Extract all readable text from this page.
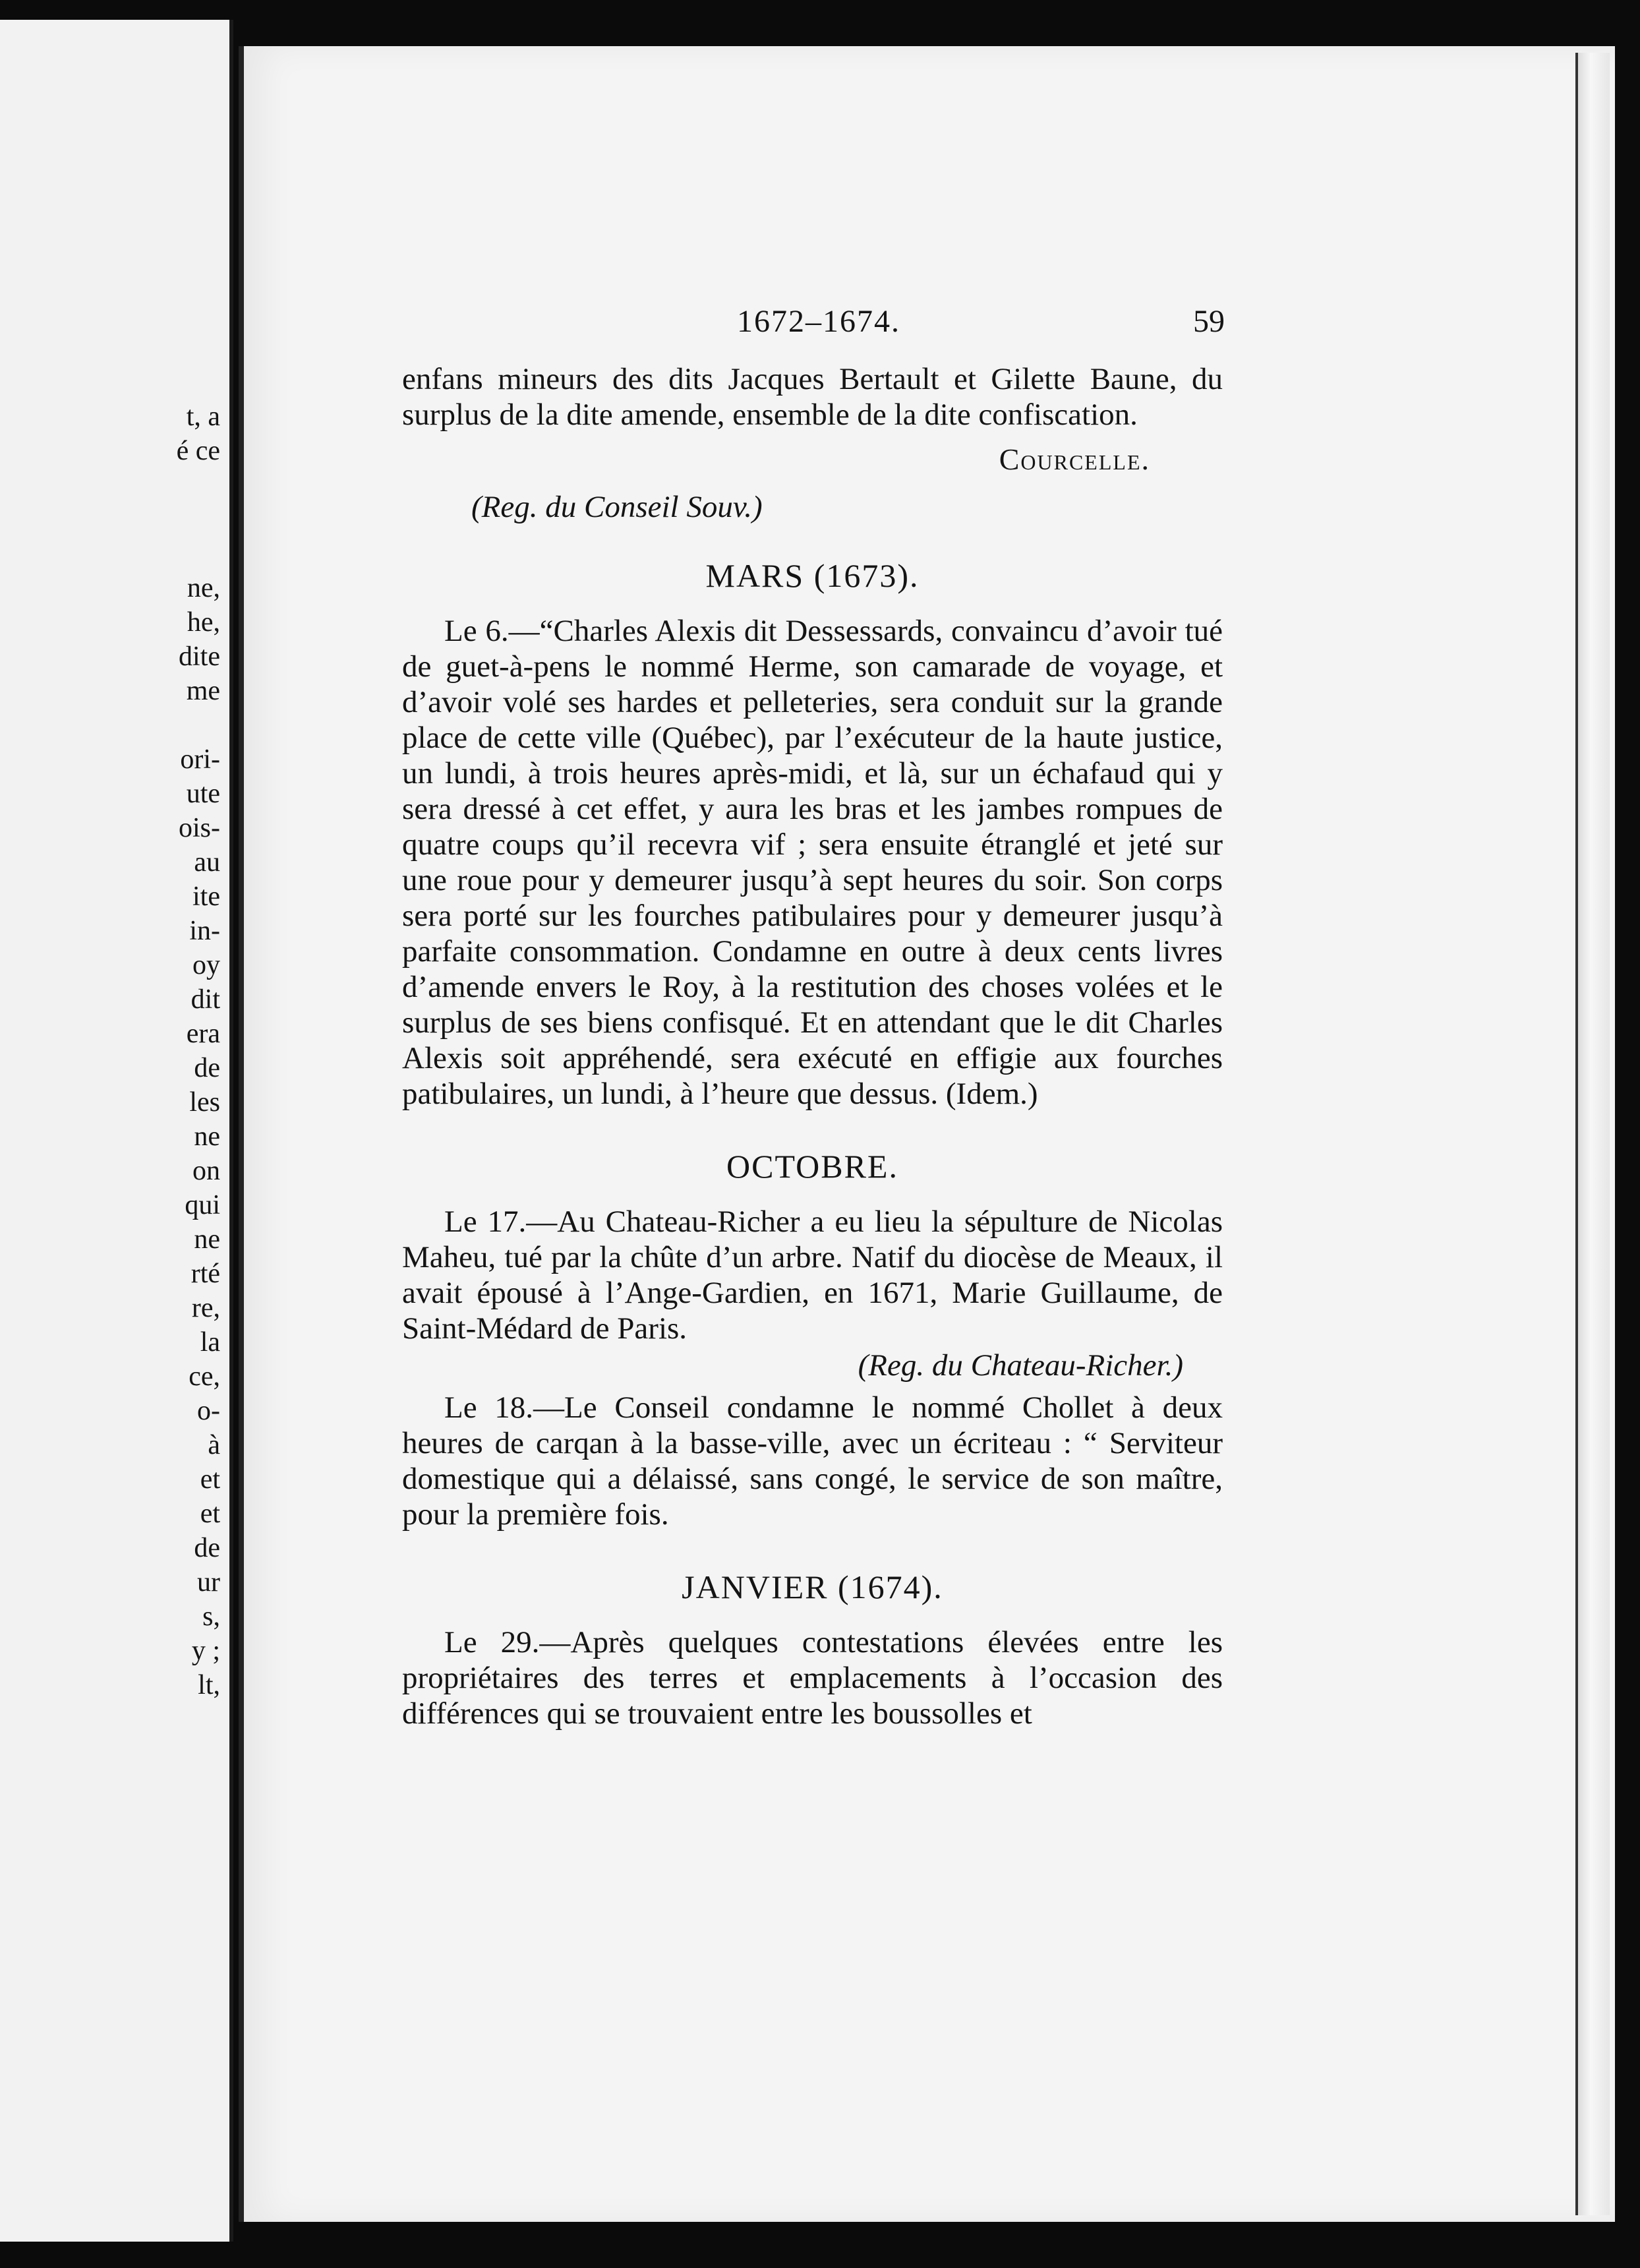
t, a
é ce
ne,
he,
dite
me
ori-
ute
ois-
au
ite
in-
oy
dit
era
de
les
ne
on
qui
ne
rté
re,
la
ce,
o-
à
et
et
de
ur
s,
y ;
lt,
1672–1674.	59

enfans mineurs des dits Jacques Bertault et Gilette Baune, du surplus de la dite amende, ensemble de la dite confiscation.

Courcelle.
(Reg. du Conseil Souv.)
MARS (1673).

Le 6.—“Charles Alexis dit Dessessards, convaincu d’avoir tué de guet-à-pens le nommé Herme, son camarade de voyage, et d’avoir volé ses hardes et pelleteries, sera conduit sur la grande place de cette ville (Québec), par l’exécuteur de la haute justice, un lundi, à trois heures après-midi, et là, sur un échafaud qui y sera dressé à cet effet, y aura les bras et les jambes rompues de quatre coups qu’il recevra vif ; sera ensuite étranglé et jeté sur une roue pour y demeurer jusqu’à sept heures du soir. Son corps sera porté sur les fourches patibulaires pour y demeurer jusqu’à parfaite consommation. Condamne en outre à deux cents livres d’amende envers le Roy, à la restitution des choses volées et le surplus de ses biens confisqué. Et en attendant que le dit Charles Alexis soit appréhendé, sera exécuté en effigie aux fourches patibulaires, un lundi, à l’heure que dessus. (Idem.)

OCTOBRE.

Le 17.—Au Chateau-Richer a eu lieu la sépulture de Nicolas Maheu, tué par la chûte d’un arbre. Natif du diocèse de Meaux, il avait épousé à l’Ange-Gardien, en 1671, Marie Guillaume, de Saint-Médard de Paris.

(Reg. du Chateau-Richer.)

Le 18.—Le Conseil condamne le nommé Chollet à deux heures de carqan à la basse-ville, avec un écriteau : “ Serviteur domestique qui a délaissé, sans congé, le service de son maître, pour la première fois.

JANVIER (1674).

Le 29.—Après quelques contestations élevées entre les propriétaires des terres et emplacements à l’occasion des différences qui se trouvaient entre les boussolles et
